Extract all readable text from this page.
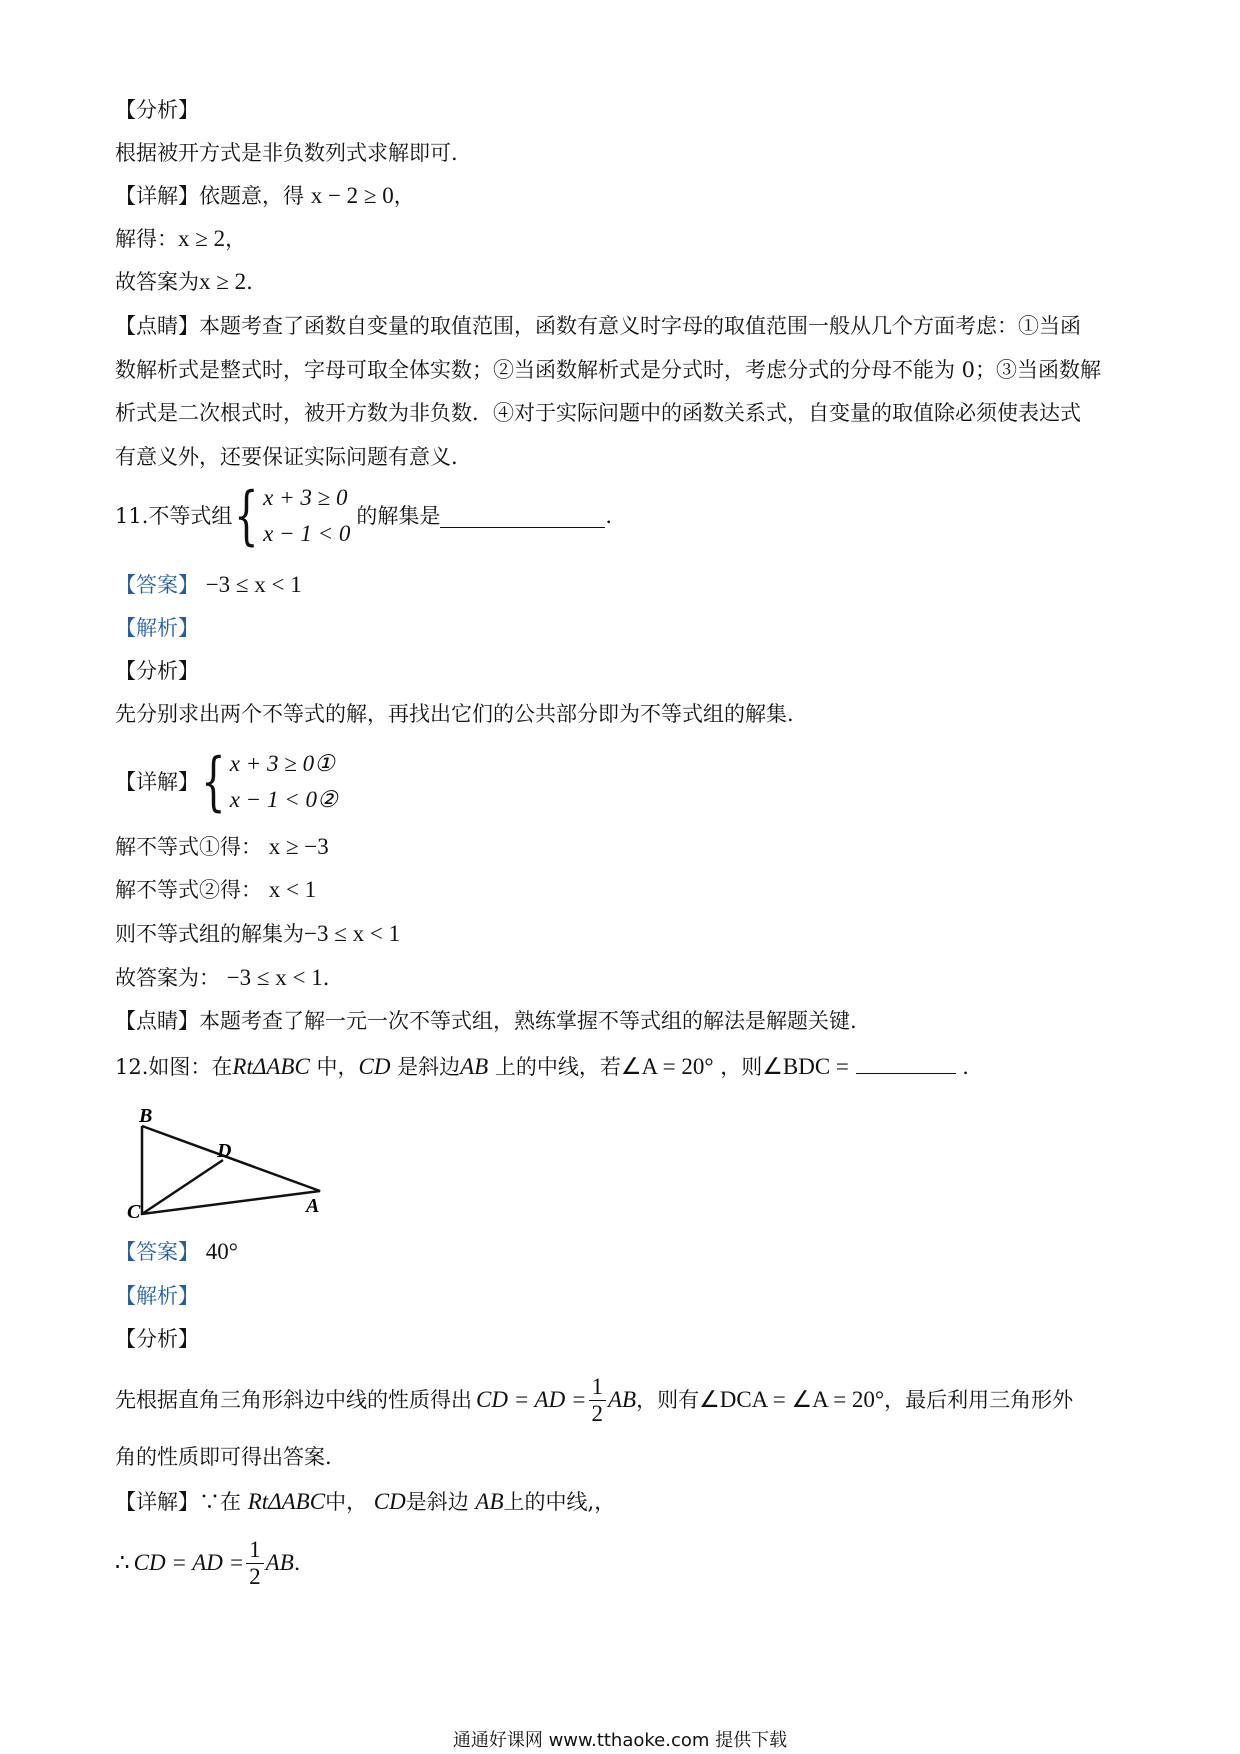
【分析】
根据被开方式是非负数列式求解即可.
【详解】依题意，得 x − 2 ≥ 0，
解得：x ≥ 2，
故答案为x ≥ 2.
【点睛】本题考查了函数自变量的取值范围，函数有意义时字母的取值范围一般从几个方面考虑：①当函
数解析式是整式时，字母可取全体实数；②当函数解析式是分式时，考虑分式的分母不能为 0；③当函数解
析式是二次根式时，被开方数为非负数．④对于实际问题中的函数关系式，自变量的取值除必须使表达式
有意义外，还要保证实际问题有意义.
11.不等式组 { x + 3 ≥ 0
x − 1 < 0
的解集是	.
【答案】 −3 ≤ x < 1
【解析】
【分析】
先分别求出两个不等式的解，再找出它们的公共部分即为不等式组的解集.
【详解】 { x + 3 ≥ 0①
x − 1 < 0②
解不等式①得： x ≥ −3
解不等式②得： x < 1
则不等式组的解集为−3 ≤ x < 1
故答案为： −3 ≤ x < 1.
【点睛】本题考查了解一元一次不等式组，熟练掌握不等式组的解法是解题关键.
12.如图：在RtΔABC 中，CD 是斜边AB 上的中线，若∠A = 20° ，则∠BDC =	.
B
D
C	A
【答案】 40°
【解析】
【分析】
先根据直角三角形斜边中线的性质得出 CD = AD = $\frac{1}{2}$ AB ，则有 ∠DCA = ∠A = 20° ，最后利用三角形外
角的性质即可得出答案.
【详解】∵在 RtΔABC中， CD是斜边 AB上的中线,，
∴ CD = AD = $\frac{1}{2}$ AB .
通通好课网 www.tthaoke.com 提供下载
